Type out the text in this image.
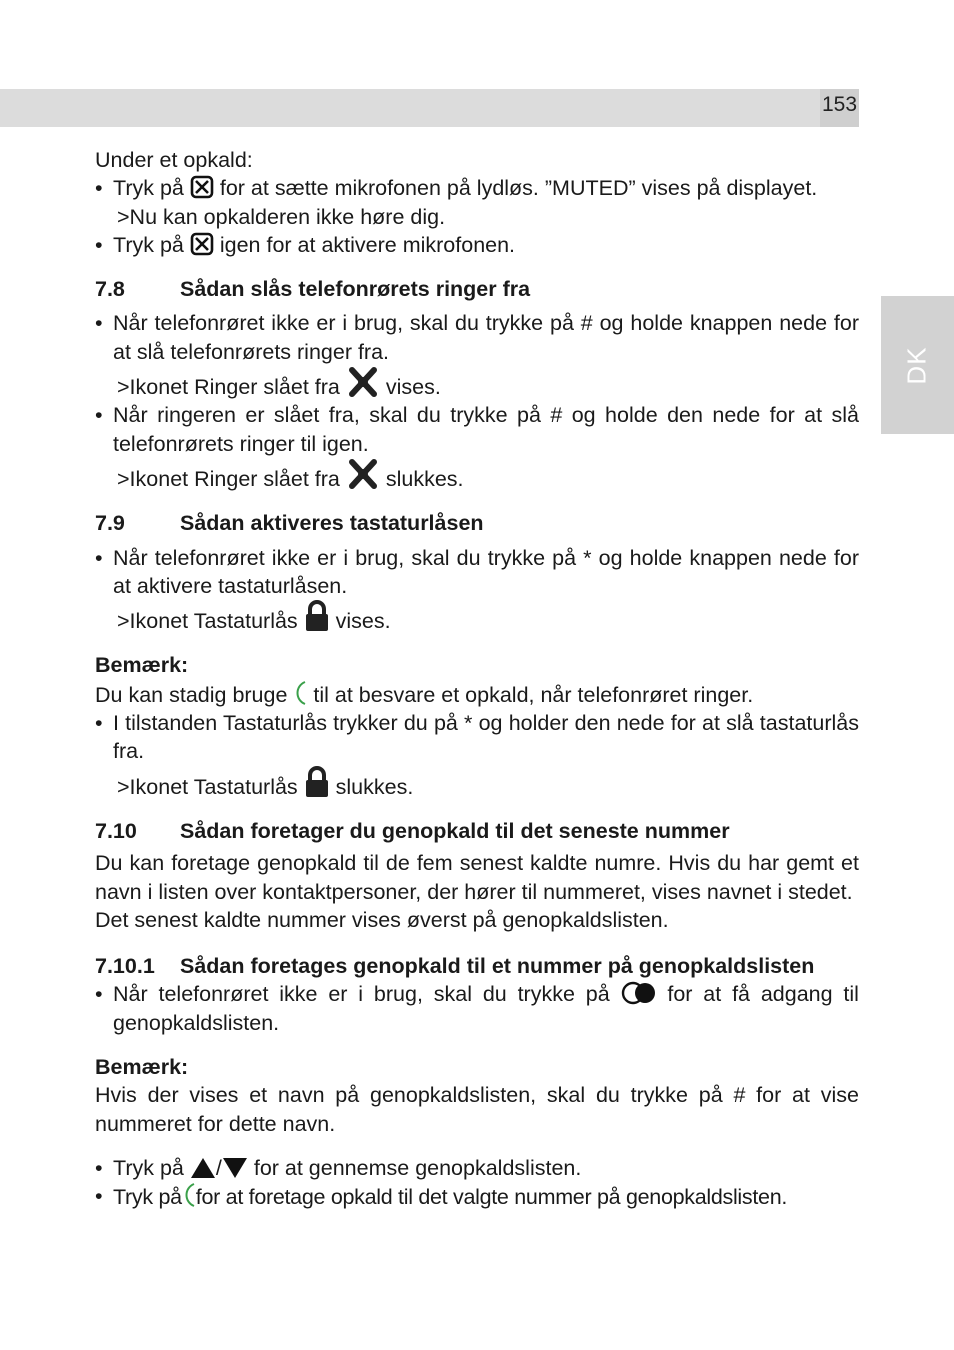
153
DK

Under et opkald:

• Tryk på for at sætte mikrofonen på lydløs. ”MUTED” vises på displayet.

>Nu kan opkalderen ikke høre dig.

• Tryk på igen for at aktivere mikrofonen.

7.8	Sådan slås telefonrørets ringer fra

• Når telefonrøret ikke er i brug, skal du trykke på # og holde knappen nede for at slå telefonrørets ringer fra.

>Ikonet Ringer slået fra vises.

• Når ringeren er slået fra, skal du trykke på # og holde den nede for at slå telefonrørets ringer til igen.

>Ikonet Ringer slået fra slukkes.

7.9	Sådan aktiveres tastaturlåsen

• Når telefonrøret ikke er i brug, skal du trykke på * og holde knappen nede for at aktivere tastaturlåsen.

>Ikonet Tastaturlås vises.

Bemærk:

Du kan stadig bruge til at besvare et opkald, når telefonrøret ringer.

• I tilstanden Tastaturlås trykker du på * og holder den nede for at slå tastaturlås fra.

>Ikonet Tastaturlås slukkes.

7.10	Sådan foretager du genopkald til det seneste nummer

Du kan foretage genopkald til de fem senest kaldte numre. Hvis du har gemt et navn i listen over kontaktpersoner, der hører til nummeret, vises navnet i stedet.

Det senest kaldte nummer vises øverst på genopkaldslisten.

7.10.1	Sådan foretages genopkald til et nummer på genopkaldslisten

• Når telefonrøret ikke er i brug, skal du trykke på	for at få adgang til genopkaldslisten.

Bemærk:

Hvis der vises et navn på genopkaldslisten, skal du trykke på # for at vise nummeret for dette navn.

• Tryk på / for at gennemse genopkaldslisten.

• Tryk på for at foretage opkald til det valgte nummer på genopkaldslisten.
